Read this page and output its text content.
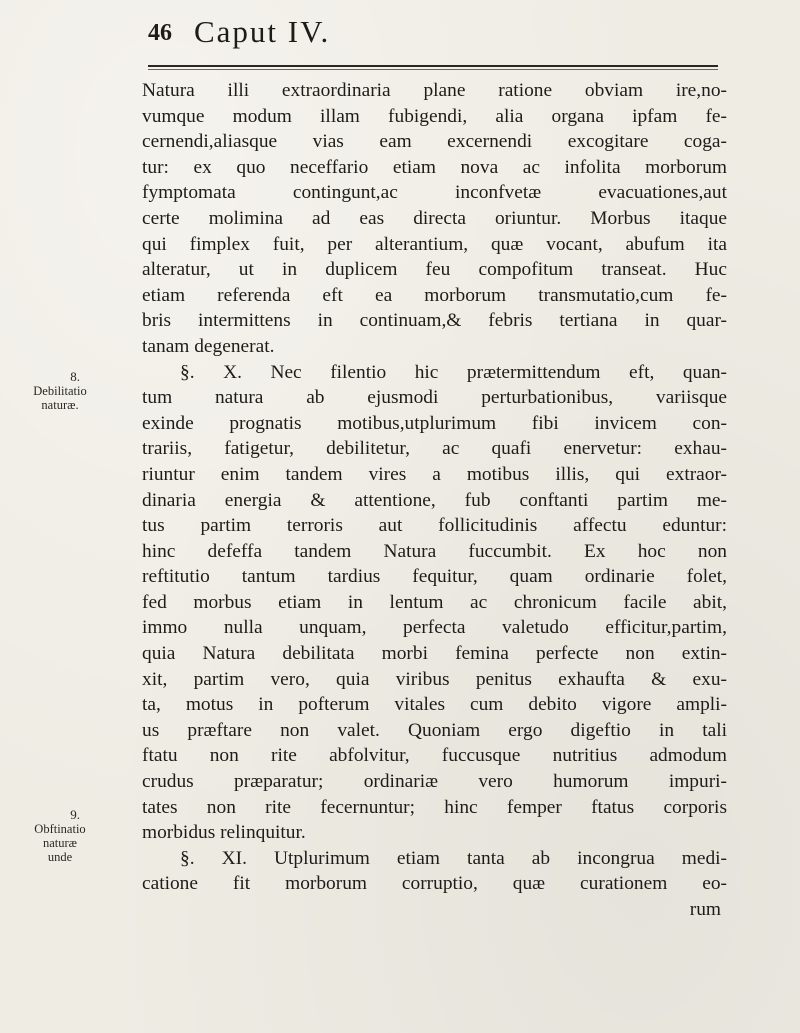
46 Caput IV.
8.
Debilitatio
naturæ.
9.
Obftinatio
naturæ unde
Natura illi extraordinaria plane ratione obviam ire,no-
vumque modum illam fubigendi, alia organa ipfam fe-
cernendi,aliasque vias eam excernendi excogitare coga-
tur: ex quo neceffario etiam nova ac infolita morborum
fymptomata contingunt,ac inconfvetæ evacuationes,aut
certe molimina ad eas directa oriuntur. Morbus itaque
qui fimplex fuit, per alterantium, quæ vocant, abufum ita
alteratur, ut in duplicem feu compofitum transeat. Huc
etiam referenda eft ea morborum transmutatio,cum fe-
bris intermittens in continuam,& febris tertiana in quar-
tanam degenerat.
§. X. Nec filentio hic prætermittendum eft, quan-
tum natura ab ejusmodi perturbationibus, variisque
exinde prognatis motibus,utplurimum fibi invicem con-
trariis, fatigetur, debilitetur, ac quafi enervetur: exhau-
riuntur enim tandem vires a motibus illis, qui extraor-
dinaria energia & attentione, fub conftanti partim me-
tus partim terroris aut follicitudinis affectu eduntur:
hinc defeffa tandem Natura fuccumbit. Ex hoc non
reftitutio tantum tardius fequitur, quam ordinarie folet,
fed morbus etiam in lentum ac chronicum facile abit,
immo nulla unquam, perfecta valetudo efficitur,partim,
quia Natura debilitata morbi femina perfecte non extin-
xit, partim vero, quia viribus penitus exhaufta & exu-
ta, motus in pofterum vitales cum debito vigore ampli-
us præftare non valet. Quoniam ergo digeftio in tali
ftatu non rite abfolvitur, fuccusque nutritius admodum
crudus præparatur; ordinariæ vero humorum impuri-
tates non rite fecernuntur; hinc femper ftatus corporis
morbidus relinquitur.
§. XI. Utplurimum etiam tanta ab incongrua medi-
catione fit morborum corruptio, quæ curationem eo-
rum
